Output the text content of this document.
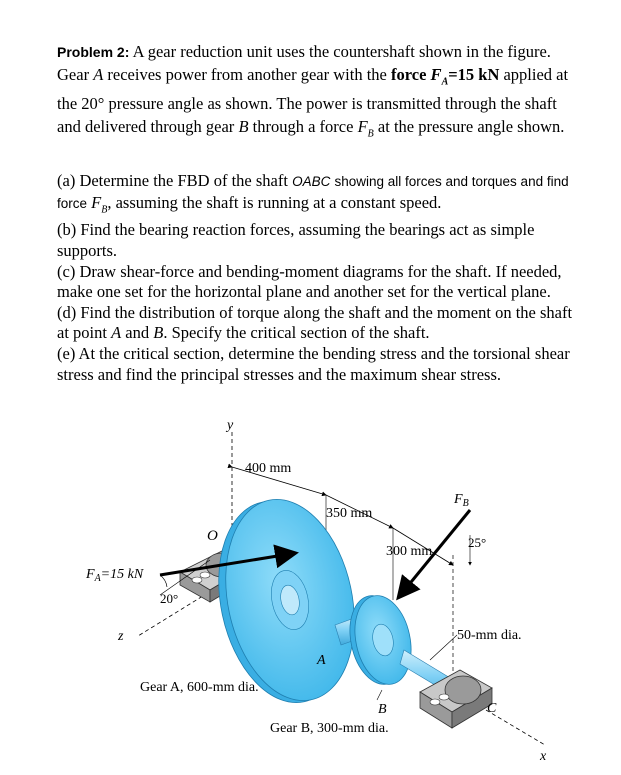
Problem 2: A gear reduction unit uses the countershaft shown in the figure. Gear A receives power from another gear with the force $F_A=15$ kN applied at the 20° pressure angle as shown. The power is transmitted through the shaft and delivered through gear B through a force $F_B$ at the pressure angle shown.

(a) Determine the FBD of the shaft OABC showing all forces and torques and find force $F_B$, assuming the shaft is running at a constant speed.

(b) Find the bearing reaction forces, assuming the bearings act as simple supports.

(c) Draw shear-force and bending-moment diagrams for the shaft. If needed, make one set for the horizontal plane and another set for the vertical plane.

(d) Find the distribution of torque along the shaft and the moment on the shaft at point A and B. Specify the critical section of the shaft.

(e) At the critical section, determine the bending stress and the torsional shear stress and find the principal stresses and the maximum shear stress.

y
z
x
O
400 mm
350 mm
300 mm
A
B	C
$F_A=15$ kN
20°
$F_B$
25°
50-mm dia.
Gear A, 600-mm dia.
Gear B, 300-mm dia.
